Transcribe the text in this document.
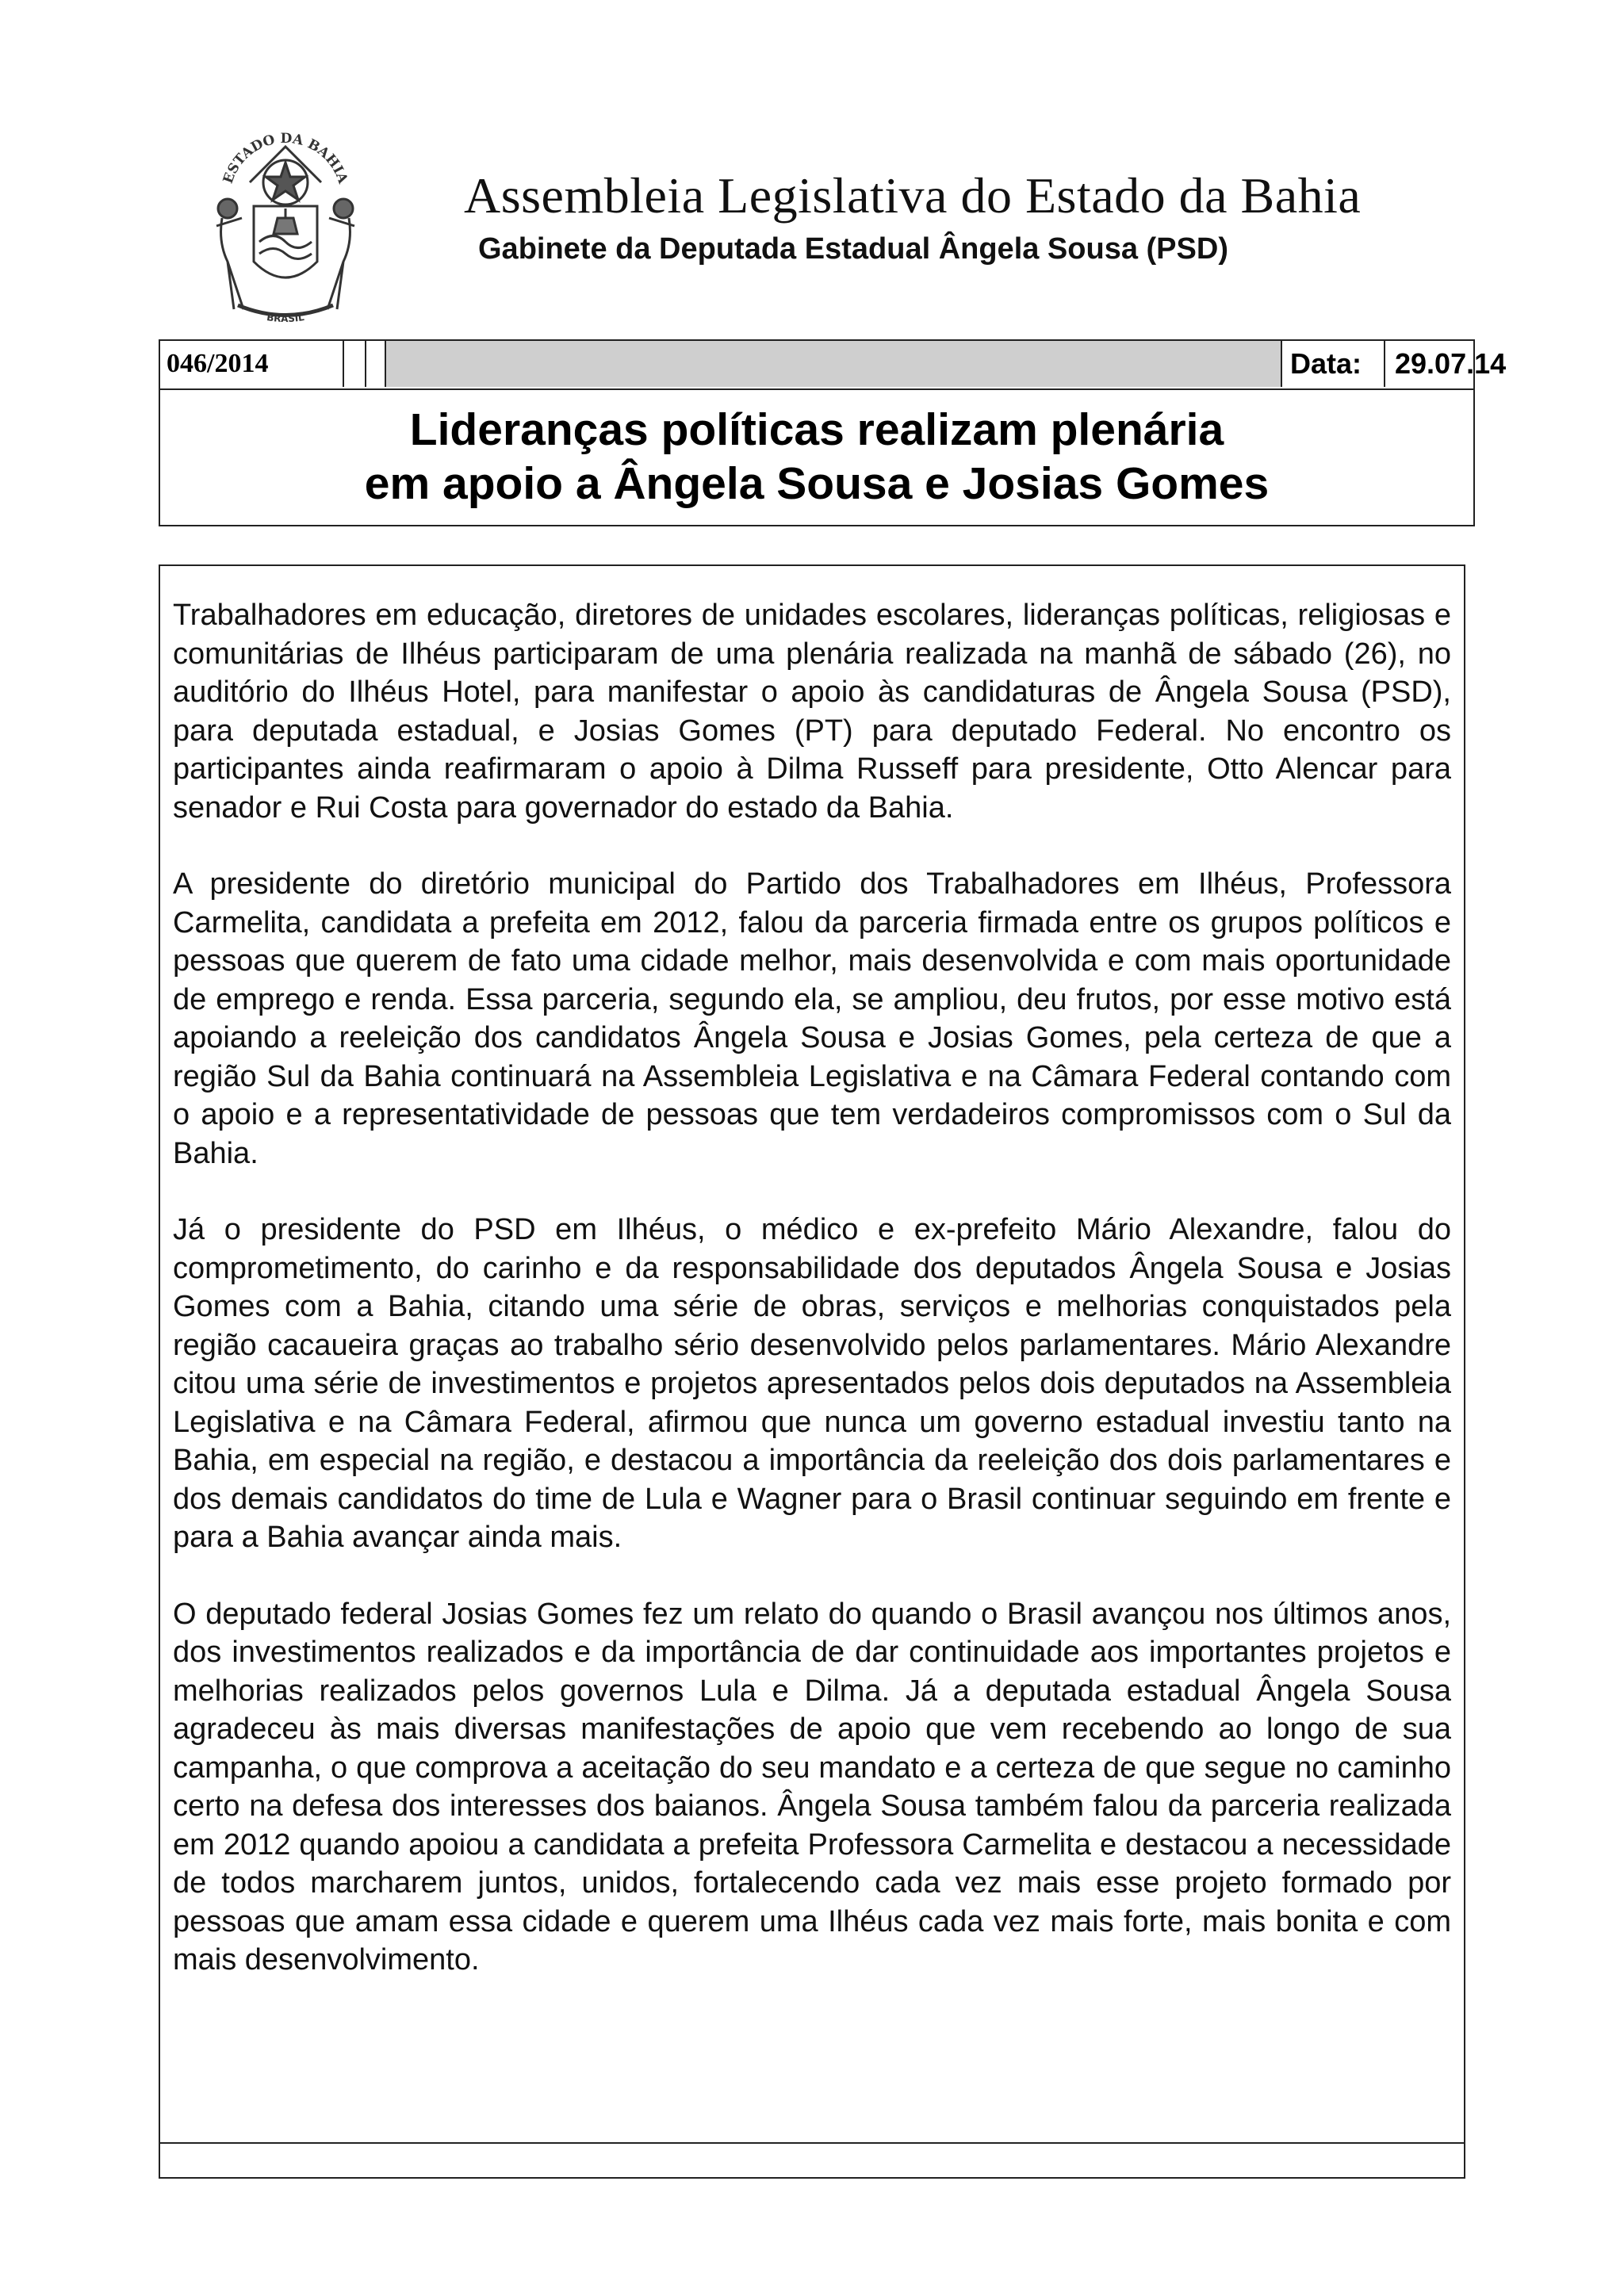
ESTADO DA BAHIA
BRASIL
Assembleia Legislativa do Estado da Bahia
Gabinete da Deputada Estadual Ângela Sousa (PSD)
046/2014	Data:	29.07.14
Lideranças políticas realizam plenária
em apoio a Ângela Sousa e Josias Gomes

Trabalhadores em educação, diretores de unidades escolares, lideranças políticas, religiosas e comunitárias de Ilhéus participaram de uma plenária realizada na manhã de sábado (26), no auditório do Ilhéus Hotel, para manifestar o apoio às candidaturas de Ângela Sousa (PSD), para deputada estadual, e Josias Gomes (PT) para deputado Federal. No encontro os participantes ainda reafirmaram o apoio à Dilma Russeff para presidente, Otto Alencar para senador e Rui Costa para governador do estado da Bahia.

A presidente do diretório municipal do Partido dos Trabalhadores em Ilhéus, Professora Carmelita, candidata a prefeita em 2012, falou da parceria firmada entre os grupos políticos e pessoas que querem de fato uma cidade melhor, mais desenvolvida e com mais oportunidade de emprego e renda. Essa parceria, segundo ela, se ampliou, deu frutos, por esse motivo está apoiando a reeleição dos candidatos Ângela Sousa e Josias Gomes, pela certeza de que a região Sul da Bahia continuará na Assembleia Legislativa e na Câmara Federal contando com o apoio e a representatividade de pessoas que tem verdadeiros compromissos com o Sul da Bahia.

Já o presidente do PSD em Ilhéus, o médico e ex-prefeito Mário Alexandre, falou do comprometimento, do carinho e da responsabilidade dos deputados Ângela Sousa e Josias Gomes com a Bahia, citando uma série de obras, serviços e melhorias conquistados pela região cacaueira graças ao trabalho sério desenvolvido pelos parlamentares. Mário Alexandre citou uma série de investimentos e projetos apresentados pelos dois deputados na Assembleia Legislativa e na Câmara Federal, afirmou que nunca um governo estadual investiu tanto na Bahia, em especial na região, e destacou a importância da reeleição dos dois parlamentares e dos demais candidatos do time de Lula e Wagner para o Brasil continuar seguindo em frente e para a Bahia avançar ainda mais.

O deputado federal Josias Gomes fez um relato do quando o Brasil avançou nos últimos anos, dos investimentos realizados e da importância de dar continuidade aos importantes projetos e melhorias realizados pelos governos Lula e Dilma. Já a deputada estadual Ângela Sousa agradeceu às mais diversas manifestações de apoio que vem recebendo ao longo de sua campanha, o que comprova a aceitação do seu mandato e a certeza de que segue no caminho certo na defesa dos interesses dos baianos. Ângela Sousa também falou da parceria realizada em 2012 quando apoiou a candidata a prefeita Professora Carmelita e destacou a necessidade de todos marcharem juntos, unidos, fortalecendo cada vez mais esse projeto formado por pessoas que amam essa cidade e querem uma Ilhéus cada vez mais forte, mais bonita e com mais desenvolvimento.
